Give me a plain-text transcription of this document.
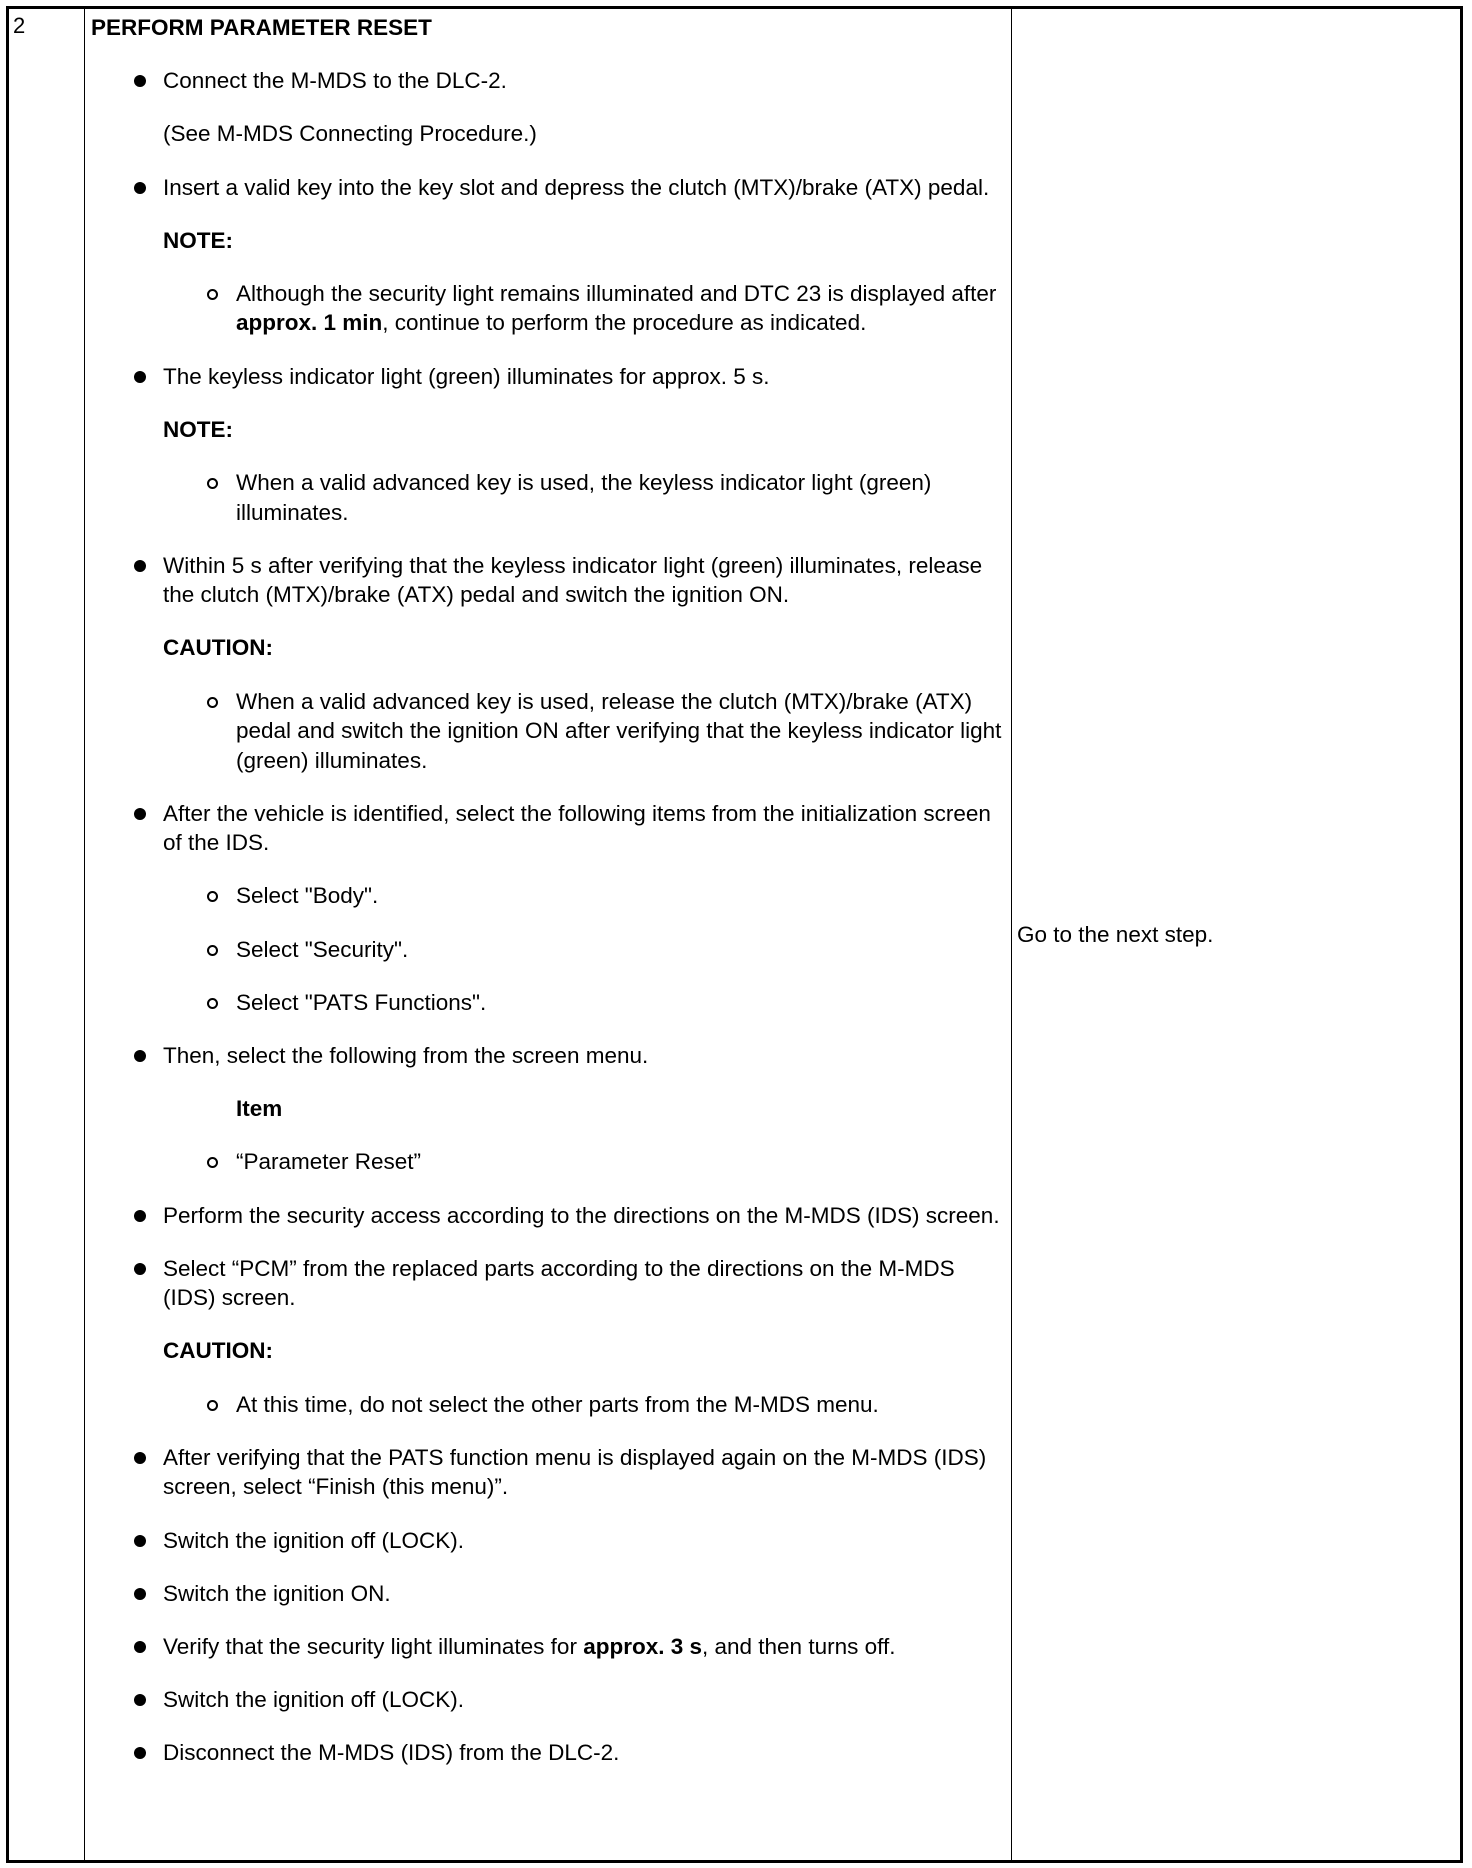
2	PERFORM PARAMETER RESET
Connect the M-MDS to the DLC-2.
(See M-MDS Connecting Procedure.)
Insert a valid key into the key slot and depress the clutch (MTX)/brake (ATX) pedal.
NOTE:
Although the security light remains illuminated and DTC 23 is displayed after approx. 1 min, continue to perform the procedure as indicated.
The keyless indicator light (green) illuminates for approx. 5 s.
NOTE:
When a valid advanced key is used, the keyless indicator light (green) illuminates.
Within 5 s after verifying that the keyless indicator light (green) illuminates, release the clutch (MTX)/brake (ATX) pedal and switch the ignition ON.
CAUTION:
When a valid advanced key is used, release the clutch (MTX)/brake (ATX) pedal and switch the ignition ON after verifying that the keyless indicator light (green) illuminates.
After the vehicle is identified, select the following items from the initialization screen of the IDS.
Select "Body".
Select "Security".
Select "PATS Functions".
Then, select the following from the screen menu.
Item
“Parameter Reset”
Perform the security access according to the directions on the M-MDS (IDS) screen.
Select “PCM” from the replaced parts according to the directions on the M-MDS (IDS) screen.
CAUTION:
At this time, do not select the other parts from the M-MDS menu.
After verifying that the PATS function menu is displayed again on the M-MDS (IDS) screen, select “Finish (this menu)”.
Switch the ignition off (LOCK).
Switch the ignition ON.
Verify that the security light illuminates for approx. 3 s, and then turns off.
Switch the ignition off (LOCK).
Disconnect the M-MDS (IDS) from the DLC-2.
	Go to the next step.
